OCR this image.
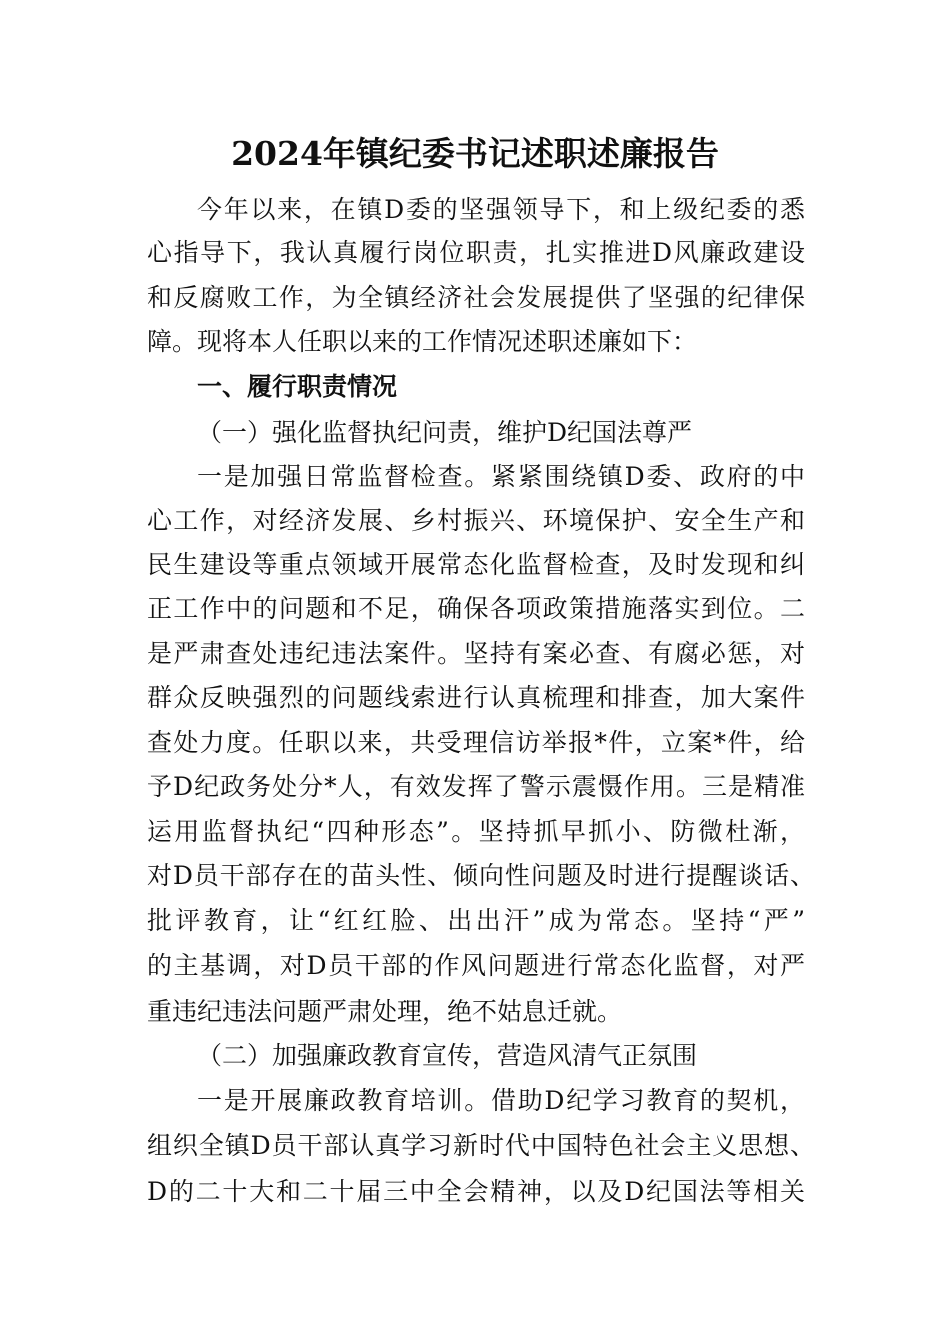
2024年镇纪委书记述职述廉报告
今年以来，在镇D委的坚强领导下，和上级纪委的悉
心指导下，我认真履行岗位职责，扎实推进D风廉政建设
和反腐败工作，为全镇经济社会发展提供了坚强的纪律保
障。现将本人任职以来的工作情况述职述廉如下：
一、履行职责情况
（一）强化监督执纪问责，维护D纪国法尊严
一是加强日常监督检查。紧紧围绕镇D委、政府的中
心工作，对经济发展、乡村振兴、环境保护、安全生产和
民生建设等重点领域开展常态化监督检查，及时发现和纠
正工作中的问题和不足，确保各项政策措施落实到位。二
是严肃查处违纪违法案件。坚持有案必查、有腐必惩，对
群众反映强烈的问题线索进行认真梳理和排查，加大案件
查处力度。任职以来，共受理信访举报*件，立案*件，给
予D纪政务处分*人，有效发挥了警示震慑作用。三是精准
运用监督执纪“四种形态”。坚持抓早抓小、防微杜渐，
对D员干部存在的苗头性、倾向性问题及时进行提醒谈话、
批评教育，让“红红脸、出出汗”成为常态。坚持“严”
的主基调，对D员干部的作风问题进行常态化监督，对严
重违纪违法问题严肃处理，绝不姑息迁就。
（二）加强廉政教育宣传，营造风清气正氛围
一是开展廉政教育培训。借助D纪学习教育的契机，
组织全镇D员干部认真学习新时代中国特色社会主义思想、
D的二十大和二十届三中全会精神，以及D纪国法等相关
